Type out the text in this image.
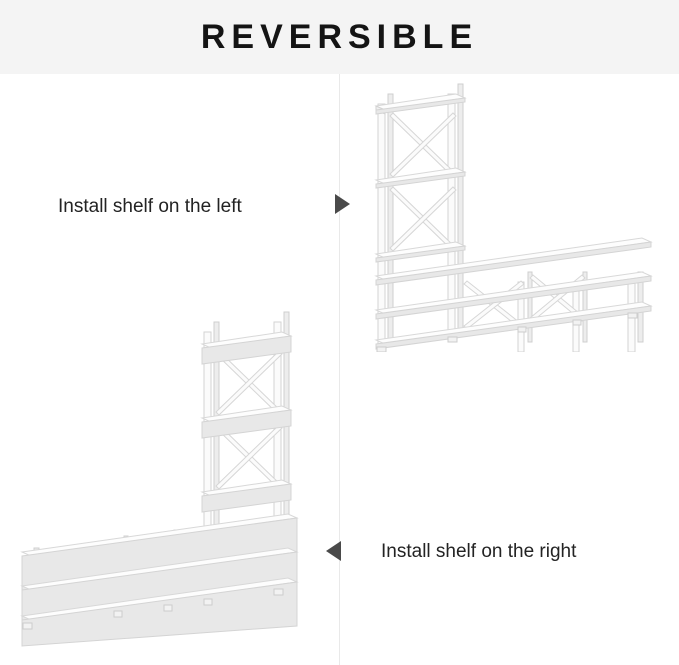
REVERSIBLE
Install shelf on the left
Install shelf on the right
